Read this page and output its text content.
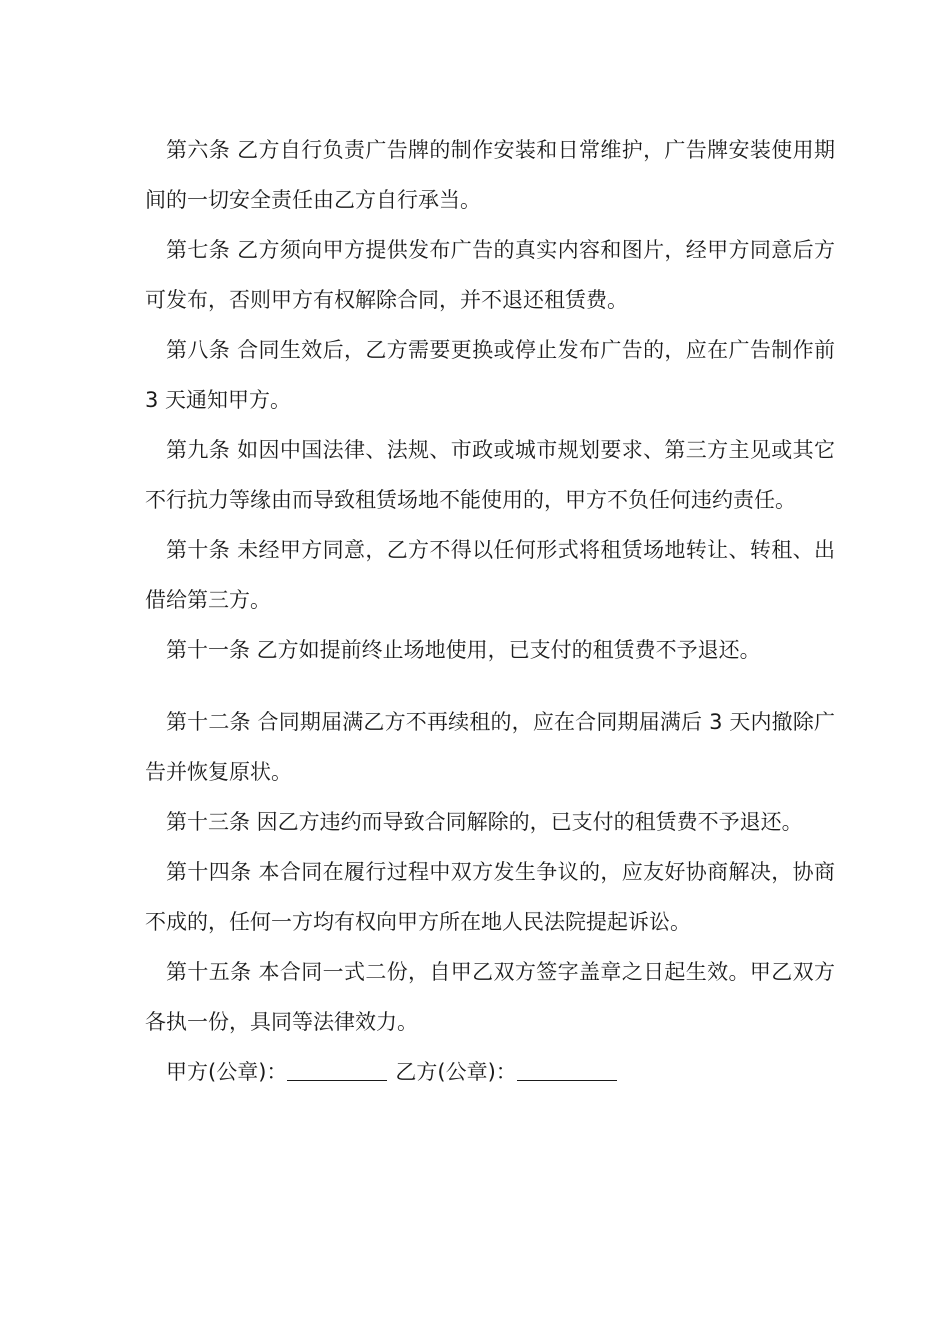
第六条 乙方自行负责广告牌的制作安装和日常维护，广告牌安装使用期间的一切安全责任由乙方自行承当。

第七条 乙方须向甲方提供发布广告的真实内容和图片，经甲方同意后方可发布，否则甲方有权解除合同，并不退还租赁费。

第八条 合同生效后，乙方需要更换或停止发布广告的，应在广告制作前 3 天通知甲方。

第九条 如因中国法律、法规、市政或城市规划要求、第三方主见或其它不行抗力等缘由而导致租赁场地不能使用的，甲方不负任何违约责任。

第十条 未经甲方同意，乙方不得以任何形式将租赁场地转让、转租、出借给第三方。

第十一条 乙方如提前终止场地使用，已支付的租赁费不予退还。

第十二条 合同期届满乙方不再续租的，应在合同期届满后 3 天内撤除广告并恢复原状。

第十三条 因乙方违约而导致合同解除的，已支付的租赁费不予退还。

第十四条 本合同在履行过程中双方发生争议的，应友好协商解决，协商不成的，任何一方均有权向甲方所在地人民法院提起诉讼。

第十五条 本合同一式二份，自甲乙双方签字盖章之日起生效。甲乙双方各执一份，具同等法律效力。

甲方(公章)：	乙方(公章)：
